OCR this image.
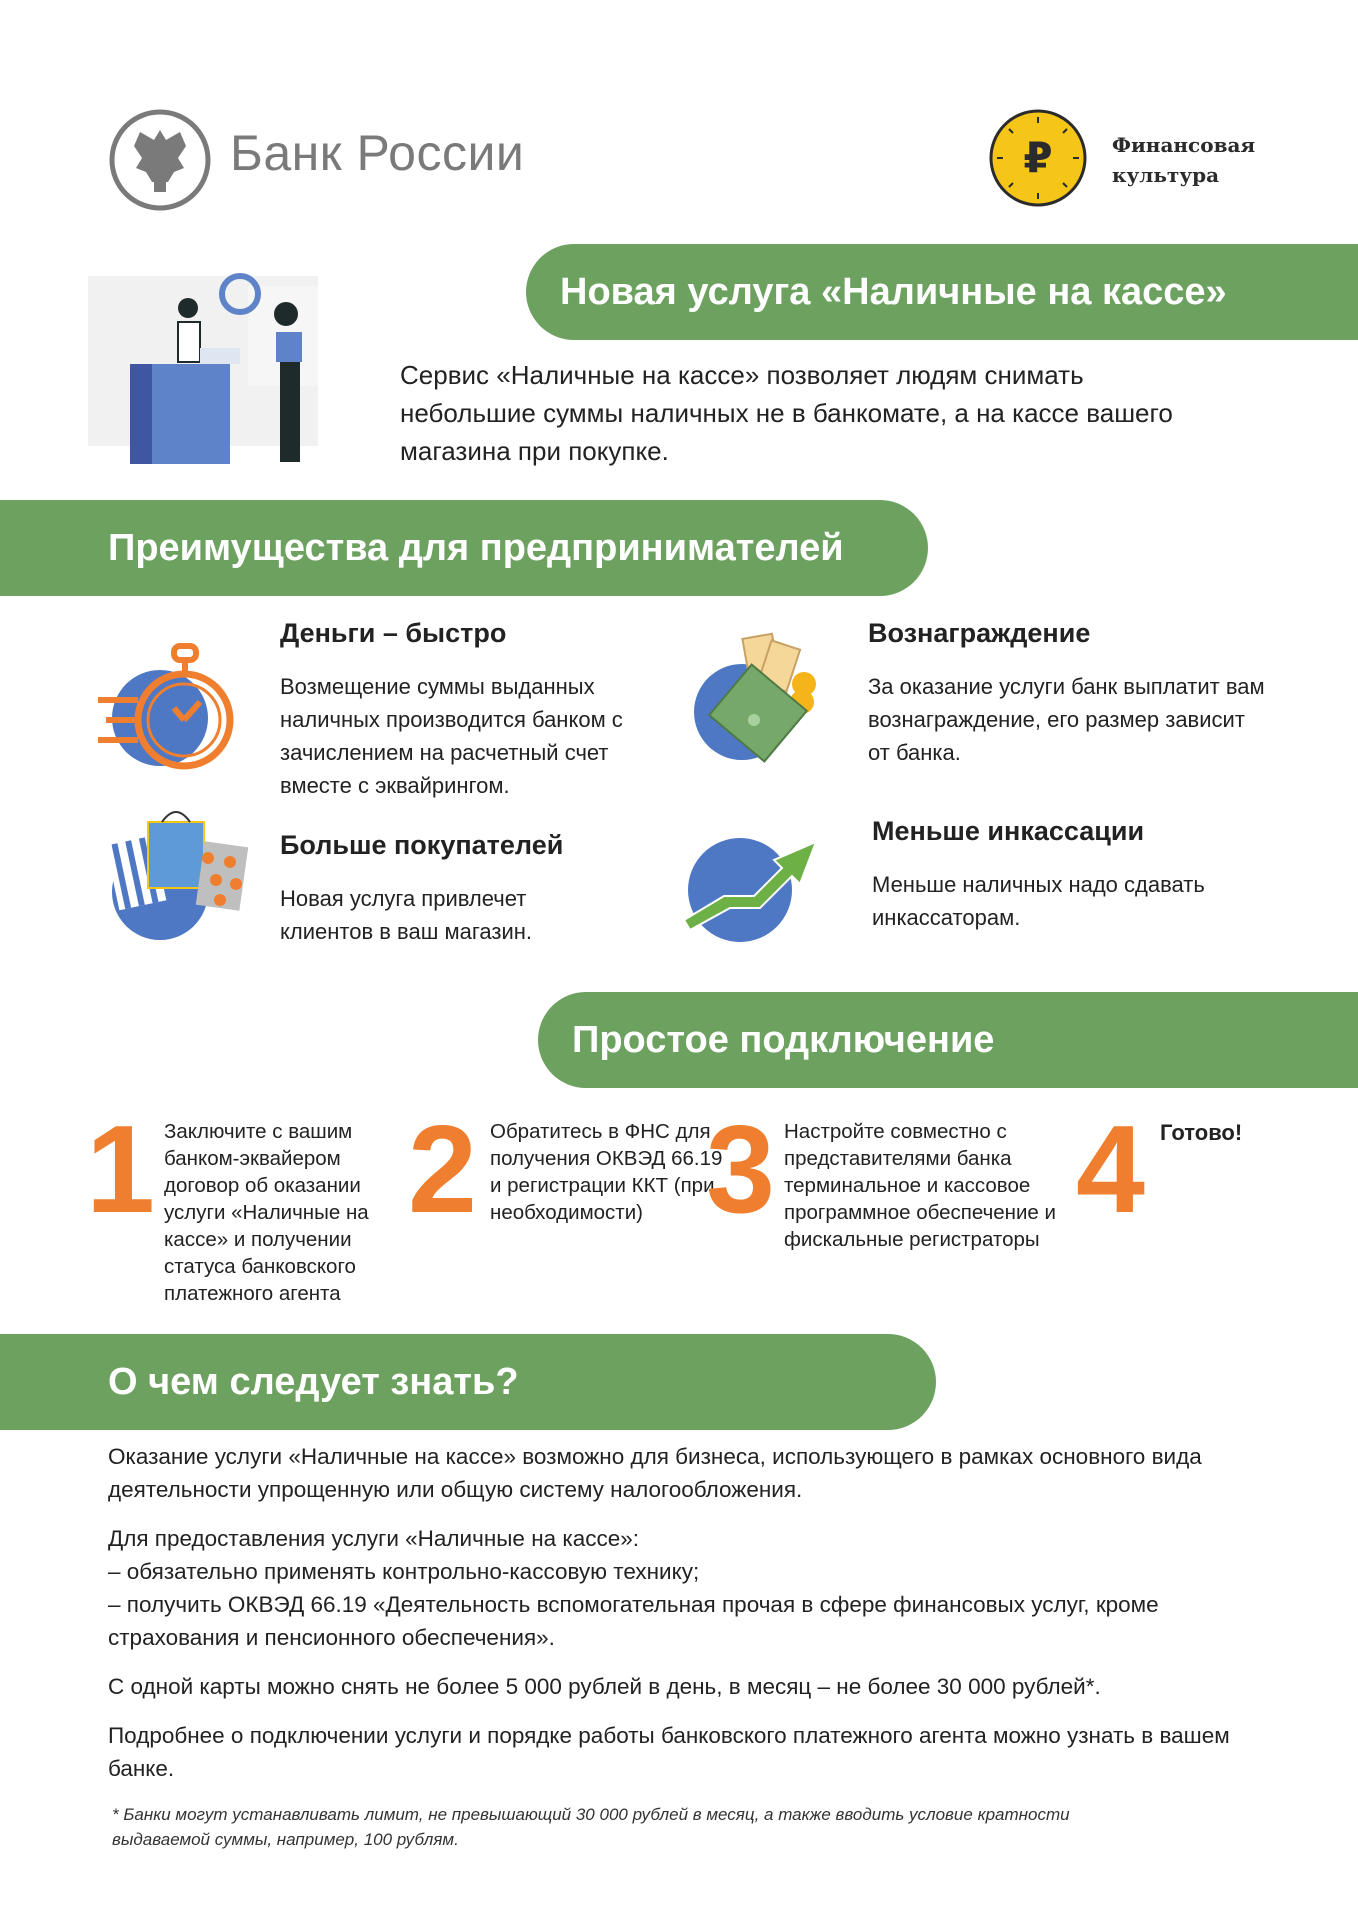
Банк России	₽	Финансовая
культура
Новая услуга «Наличные на кассе»
Сервис «Наличные на кассе» позволяет людям снимать небольшие суммы наличных не в банкомате, а на кассе вашего магазина при покупке.
Преимущества для предпринимателей
Деньги – быстро
Возмещение суммы выданных наличных производится банком с зачислением на расчетный счет вместе с эквайрингом.
Вознаграждение
За оказание услуги банк выплатит вам вознаграждение, его размер зависит от банка.
Больше покупателей
Новая услуга привлечет клиентов в ваш магазин.
Меньше инкассации
Меньше наличных надо сдавать инкассаторам.
Простое подключение
1 Заключите с вашим банком-эквайером договор об оказании услуги «Наличные на кассе» и получении статуса банковского платежного агента
2 Обратитесь в ФНС для получения ОКВЭД 66.19 и регистрации ККТ (при необходимости) 3 Настройте совместно с представителями банка терминальное и кассовое программное обеспечение и фискальные регистраторы
4 Готово!
О чем следует знать?

Оказание услуги «Наличные на кассе» возможно для бизнеса, использующего в рамках основного вида деятельности упрощенную или общую систему налогообложения.

Для предоставления услуги «Наличные на кассе»:

– обязательно применять контрольно-кассовую технику;

– получить ОКВЭД 66.19 «Деятельность вспомогательная прочая в сфере финансовых услуг, кроме страхования и пенсионного обеспечения».

С одной карты можно снять не более 5 000 рублей в день, в месяц – не более 30 000 рублей*.

Подробнее о подключении услуги и порядке работы банковского платежного агента можно узнать в вашем банке.

* Банки могут устанавливать лимит, не превышающий 30 000 рублей в месяц, а также вводить условие кратности выдаваемой суммы, например, 100 рублям.
